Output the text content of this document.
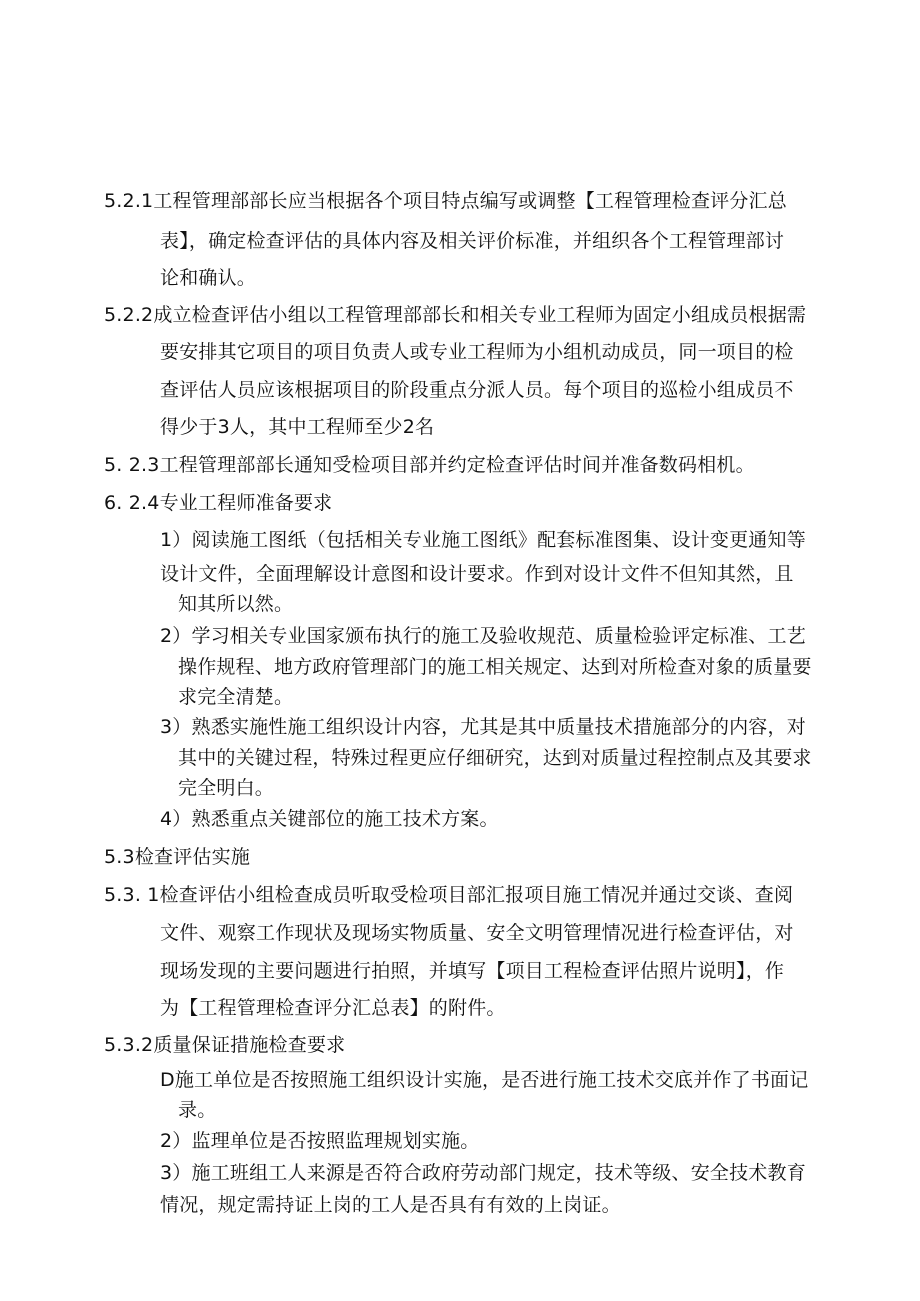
5.2.1工程管理部部长应当根据各个项目特点编写或调整【工程管理检查评分汇总
表】，确定检查评估的具体内容及相关评价标准，并组织各个工程管理部讨
论和确认。
5.2.2成立检查评估小组以工程管理部部长和相关专业工程师为固定小组成员根据需
要安排其它项目的项目负责人或专业工程师为小组机动成员，同一项目的检
查评估人员应该根据项目的阶段重点分派人员。每个项目的巡检小组成员不
得少于3人，其中工程师至少2名
5. 2.3工程管理部部长通知受检项目部并约定检查评估时间并准备数码相机。
6. 2.4专业工程师准备要求
1）阅读施工图纸（包括相关专业施工图纸》配套标准图集、设计变更通知等
设计文件，全面理解设计意图和设计要求。作到对设计文件不但知其然，且
知其所以然。
2）学习相关专业国家颁布执行的施工及验收规范、质量检验评定标准、工艺
操作规程、地方政府管理部门的施工相关规定、达到对所检查对象的质量要
求完全清楚。
3）熟悉实施性施工组织设计内容，尤其是其中质量技术措施部分的内容，对
其中的关键过程，特殊过程更应仔细研究，达到对质量过程控制点及其要求
完全明白。
4）熟悉重点关键部位的施工技术方案。
5.3检查评估实施
5.3. 1检查评估小组检查成员听取受检项目部汇报项目施工情况并通过交谈、查阅
文件、观察工作现状及现场实物质量、安全文明管理情况进行检查评估，对
现场发现的主要问题进行拍照，并填写【项目工程检查评估照片说明】，作
为【工程管理检查评分汇总表】的附件。
5.3.2质量保证措施检查要求
D施工单位是否按照施工组织设计实施，是否进行施工技术交底并作了书面记
录。
2）监理单位是否按照监理规划实施。
3）施工班组工人来源是否符合政府劳动部门规定，技术等级、安全技术教育
情况，规定需持证上岗的工人是否具有有效的上岗证。
